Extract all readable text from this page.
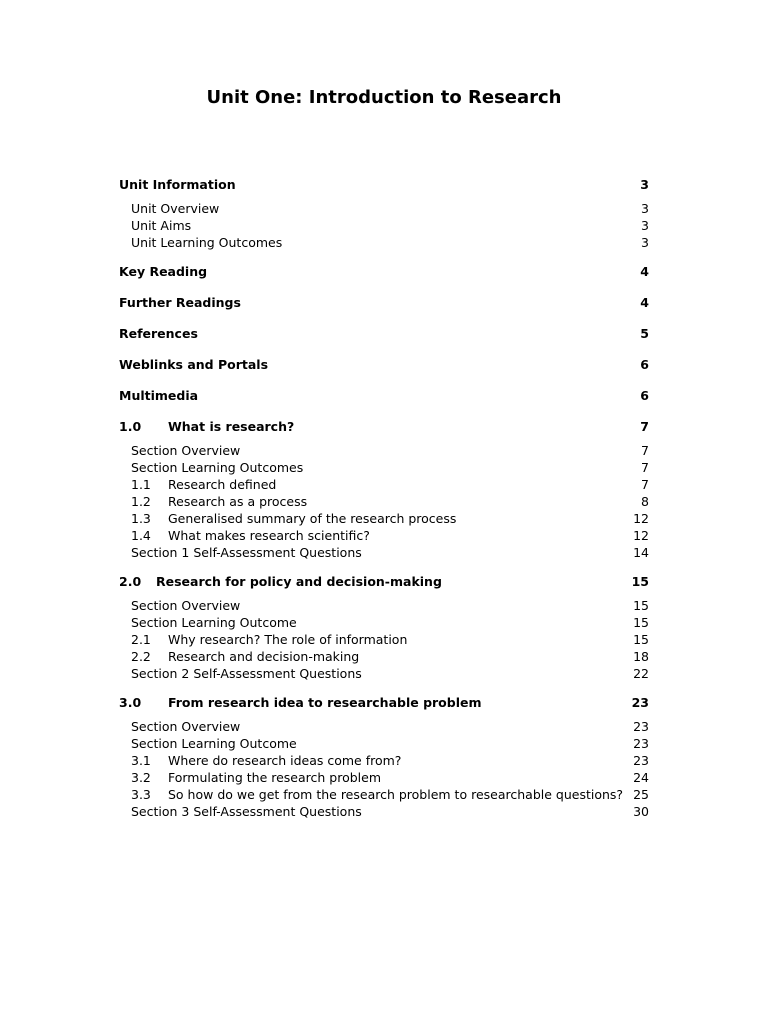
Unit One: Introduction to Research
Unit Information	3
Unit Overview	3
Unit Aims	3
Unit Learning Outcomes	3
Key Reading	4
Further Readings	4
References	5
Weblinks and Portals	6
Multimedia	6
1.0 What is research?	7
Section Overview	7
Section Learning Outcomes	7
1.1 Research defined	7
1.2 Research as a process	8
1.3 Generalised summary of the research process	12
1.4 What makes research scientific?	12
Section 1 Self-Assessment Questions	14
2.0 Research for policy and decision-making	15
Section Overview	15
Section Learning Outcome	15
2.1 Why research? The role of information	15
2.2 Research and decision-making	18
Section 2 Self-Assessment Questions	22
3.0 From research idea to researchable problem	23
Section Overview	23
Section Learning Outcome	23
3.1 Where do research ideas come from?	23
3.2 Formulating the research problem	24
3.3 So how do we get from the research problem to researchable questions? 25
Section 3 Self-Assessment Questions	30
